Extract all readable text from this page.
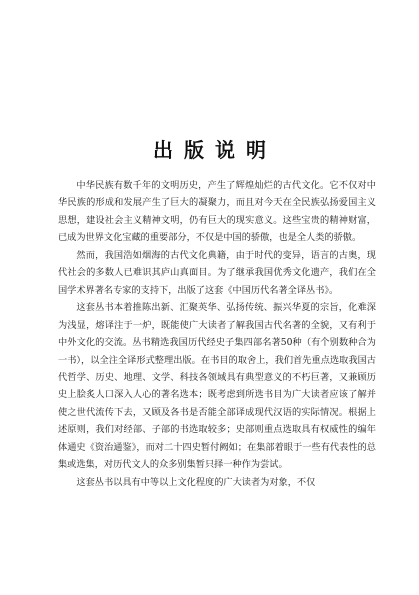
出版说明

中华民族有数千年的文明历史，产生了辉煌灿烂的古代文化。它不仅对中华民族的形成和发展产生了巨大的凝聚力，而且对今天在全民族弘扬爱国主义思想，建设社会主义精神文明，仍有巨大的现实意义。这些宝贵的精神财富，已成为世界文化宝藏的重要部分，不仅是中国的骄傲，也是全人类的骄傲。

然而，我国浩如烟海的古代文化典籍，由于时代的变异，语言的古奥，现代社会的多数人已难识其庐山真面目。为了继承我国优秀文化遗产，我们在全国学术界著名专家的支持下，出版了这套《中国历代名著全译丛书》。

这套丛书本着推陈出新、汇聚英华、弘扬传统、振兴华夏的宗旨，化难深为浅显，熔译注于一炉，既能使广大读者了解我国古代名著的全貌，又有利于中外文化的交流。丛书精选我国历代经史子集四部名著50种（有个别数种合为一书），以全注全译形式整理出版。在书目的取舍上，我们首先重点选取我国古代哲学、历史、地理、文学、科技各领域具有典型意义的不朽巨著，又兼顾历史上脍炙人口深入人心的著名选本；既考虑到所选书目为广大读者应该了解并使之世代流传下去，又顾及各书是否能全部译成现代汉语的实际情况。根据上述原则，我们对经部、子部的书选取较多；史部则重点选取具有权威性的编年体通史《资治通鉴》，而对二十四史暂付阙如；在集部着眼于一些有代表性的总集或选集，对历代文人的众多别集暂只择一种作为尝试。

这套丛书以具有中等以上文化程度的广大读者为对象，不仅
